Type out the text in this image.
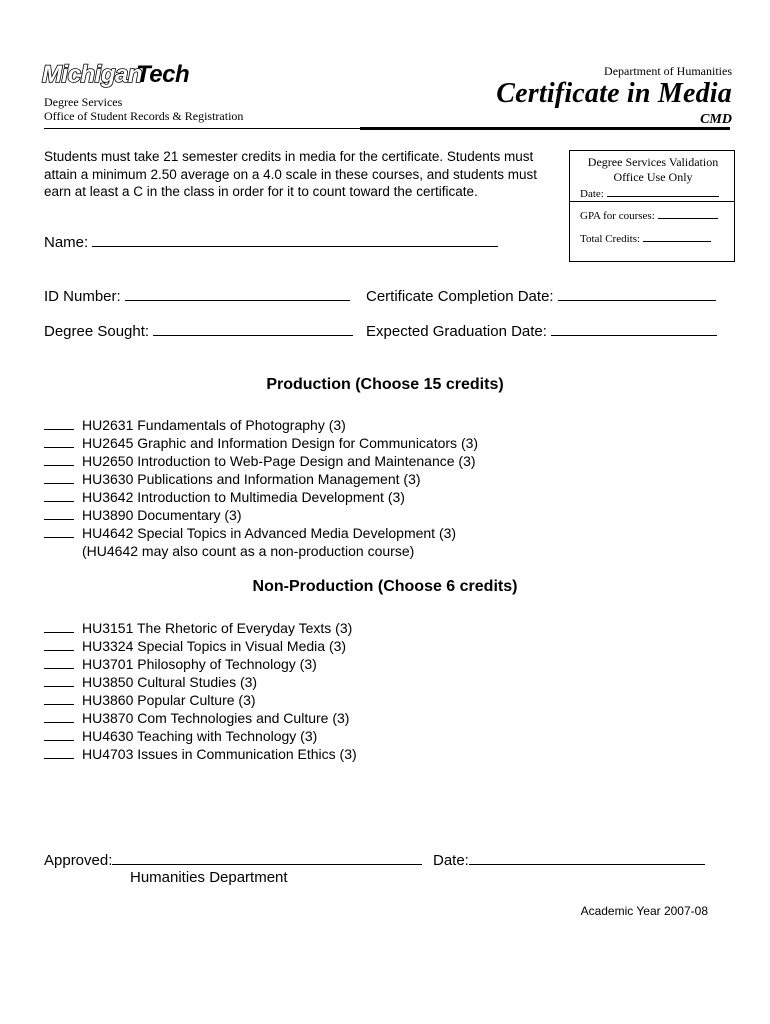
Michigan
Tech
Degree Services
Office of Student Records & Registration
Department of Humanities
Certificate in Media
CMD
Students must take 21 semester credits in media for the certificate. Students must attain a minimum 2.50 average on a 4.0 scale in these courses, and students must earn at least a C in the class in order for it to count toward the certificate.
Degree Services Validation
Office Use Only
Date:
GPA for courses:
Total Credits:
Name:
ID Number:	Certificate Completion Date:
Degree Sought:	Expected Graduation Date:
Production (Choose 15 credits)
HU2631 Fundamentals of Photography (3)
HU2645 Graphic and Information Design for Communicators (3)
HU2650 Introduction to Web-Page Design and Maintenance (3)
HU3630 Publications and Information Management (3)
HU3642 Introduction to Multimedia Development (3)
HU3890 Documentary (3)
HU4642 Special Topics in Advanced Media Development (3)
(HU4642 may also count as a non-production course)
Non-Production (Choose 6 credits)
HU3151 The Rhetoric of Everyday Texts (3)
HU3324 Special Topics in Visual Media (3)
HU3701 Philosophy of Technology (3)
HU3850 Cultural Studies (3)
HU3860 Popular Culture (3)
HU3870 Com Technologies and Culture (3)
HU4630 Teaching with Technology (3)
HU4703 Issues in Communication Ethics (3)
Approved:
Humanities Department
Date:
Academic Year 2007-08
